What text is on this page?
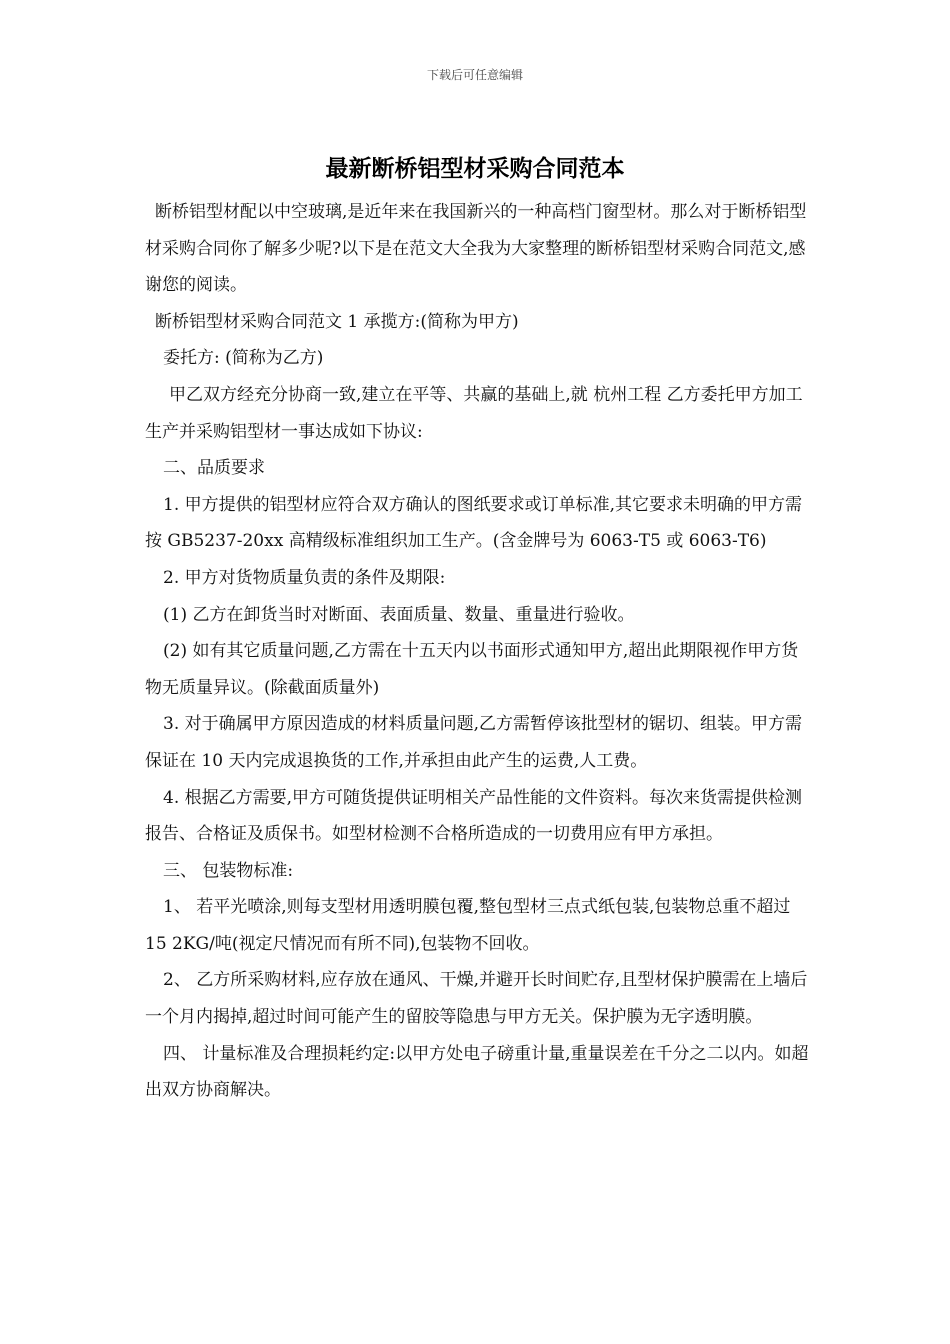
下载后可任意编辑
最新断桥铝型材采购合同范本

断桥铝型材配以中空玻璃,是近年来在我国新兴的一种高档门窗型材。那么对于断桥铝型材采购合同你了解多少呢?以下是在范文大全我为大家整理的断桥铝型材采购合同范文,感谢您的阅读。

断桥铝型材采购合同范文 1 承揽方:(简称为甲方)

委托方: (简称为乙方)

甲乙双方经充分协商一致,建立在平等、共赢的基础上,就 杭州工程 乙方委托甲方加工生产并采购铝型材一事达成如下协议:

二、品质要求

1. 甲方提供的铝型材应符合双方确认的图纸要求或订单标准,其它要求未明确的甲方需按 GB5237-20xx 高精级标准组织加工生产。(含金牌号为 6063-T5 或 6063-T6)

2. 甲方对货物质量负责的条件及期限:

(1) 乙方在卸货当时对断面、表面质量、数量、重量进行验收。

(2) 如有其它质量问题,乙方需在十五天内以书面形式通知甲方,超出此期限视作甲方货物无质量异议。(除截面质量外)

3. 对于确属甲方原因造成的材料质量问题,乙方需暂停该批型材的锯切、组装。甲方需保证在 10 天内完成退换货的工作,并承担由此产生的运费,人工费。

4. 根据乙方需要,甲方可随货提供证明相关产品性能的文件资料。每次来货需提供检测报告、合格证及质保书。如型材检测不合格所造成的一切费用应有甲方承担。

三、 包装物标准:

1、 若平光喷涂,则每支型材用透明膜包覆,整包型材三点式纸包装,包装物总重不超过 15 2KG/吨(视定尺情况而有所不同),包装物不回收。

2、 乙方所采购材料,应存放在通风、干燥,并避开长时间贮存,且型材保护膜需在上墙后一个月内揭掉,超过时间可能产生的留胶等隐患与甲方无关。保护膜为无字透明膜。

四、 计量标准及合理损耗约定:以甲方处电子磅重计量,重量误差在千分之二以内。如超出双方协商解决。
